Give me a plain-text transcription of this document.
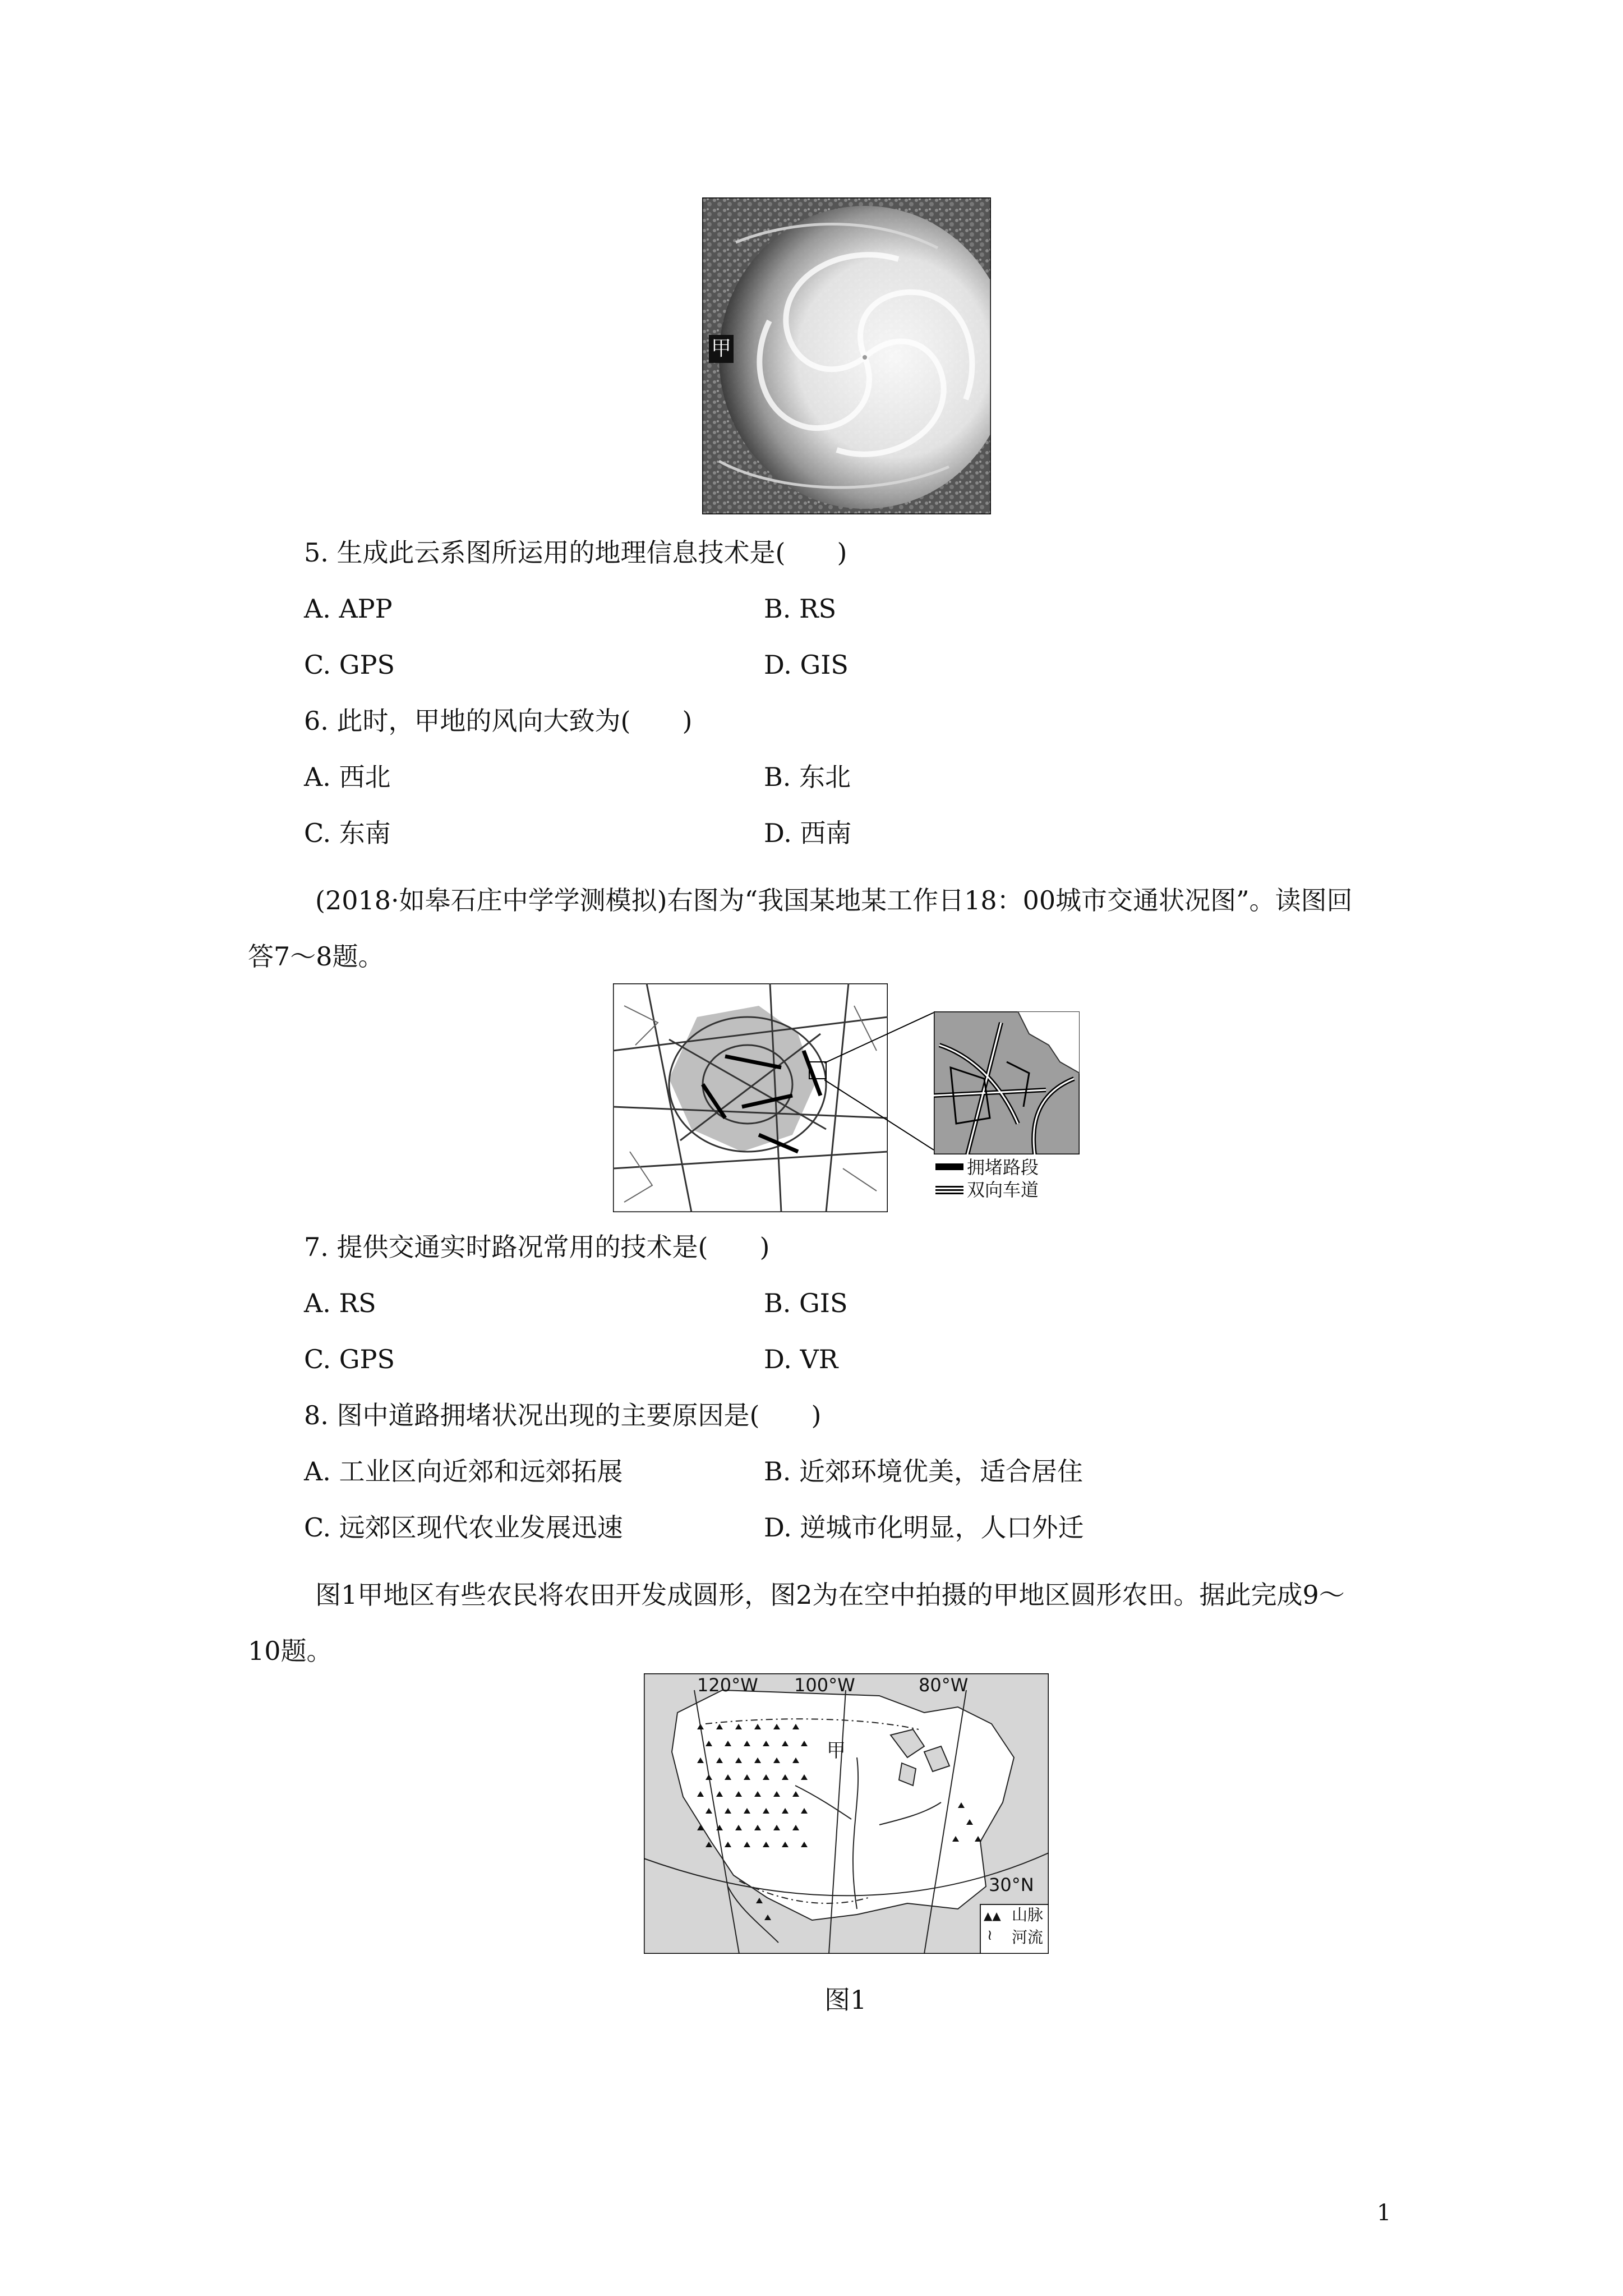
甲
5. 生成此云系图所运用的地理信息技术是(　　)
A. APP	B. RS
C. GPS	D. GIS
6. 此时，甲地的风向大致为(　　)
A. 西北	B. 东北
C. 东南	D. 西南
(2018·如皋石庄中学学测模拟)右图为“我国某地某工作日18：00城市交通状况图”。读图回答7～8题。
拥堵路段
双向车道
7. 提供交通实时路况常用的技术是(　　)
A. RS	B. GIS
C. GPS	D. VR
8. 图中道路拥堵状况出现的主要原因是(　　)
A. 工业区向近郊和远郊拓展	B. 近郊环境优美，适合居住
C. 远郊区现代农业发展迅速	D. 逆城市化明显，人口外迁
图1甲地区有些农民将农田开发成圆形，图2为在空中拍摄的甲地区圆形农田。据此完成9～10题。
120°W 100°W	80°W
30°N
甲
▲▲ 山脉
≀ 河流
图1
1
